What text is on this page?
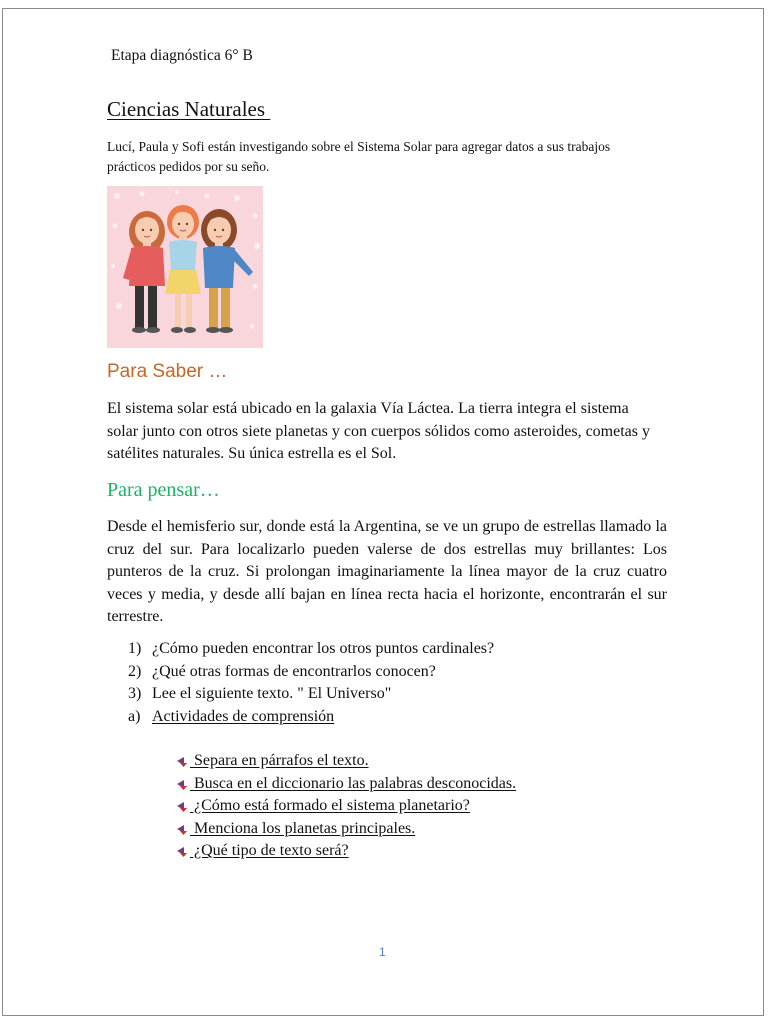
Etapa diagnóstica 6° B
Ciencias Naturales
Lucí, Paula y Sofi están investigando sobre el Sistema Solar para agregar datos a sus trabajos prácticos pedidos por su seño.
Para Saber …
El sistema solar está ubicado en la galaxia Vía Láctea. La tierra integra el sistema solar junto con otros siete planetas y con cuerpos sólidos como asteroides, cometas y satélites naturales. Su única estrella es el Sol.
Para pensar…
Desde el hemisferio sur, donde está la Argentina, se ve un grupo de estrellas llamado la cruz del sur. Para localizarlo pueden valerse de dos estrellas muy brillantes: Los punteros de la cruz. Si prolongan imaginariamente la línea mayor de la cruz cuatro veces y media, y desde allí bajan en línea recta hacia el horizonte, encontrarán el sur terrestre.
1) ¿Cómo pueden encontrar los otros puntos cardinales?
2) ¿Qué otras formas de encontrarlos conocen?
3) Lee el siguiente texto. " El Universo"
a) Actividades de comprensión
Separa en párrafos el texto.
Busca en el diccionario las palabras desconocidas.
¿Cómo está formado el sistema planetario?
Menciona los planetas principales.
¿Qué tipo de texto será?
1
